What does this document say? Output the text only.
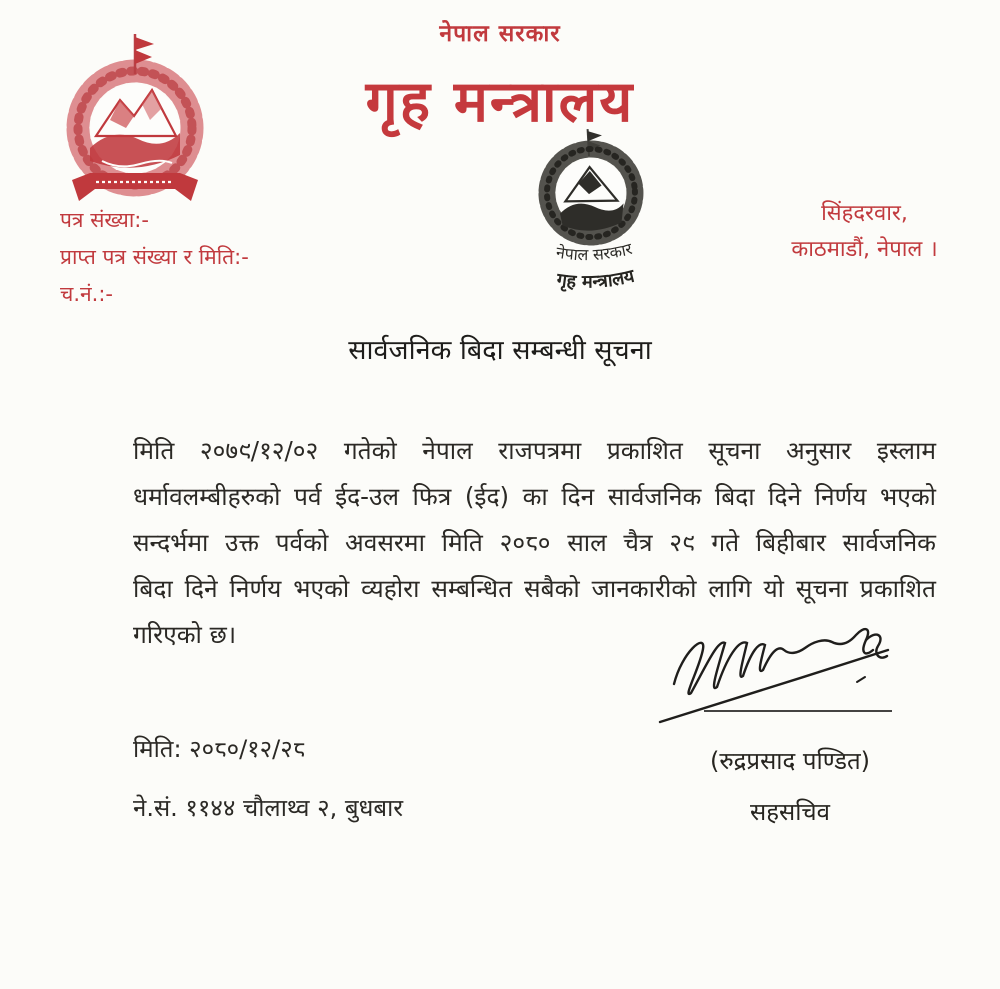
नेपाल सरकार
गृह मन्त्रालय
नेपाल सरकार
गृह मन्त्रालय
पत्र संख्या:-
प्राप्त पत्र संख्या र मिति:-
च.नं.:-
सिंहदरवार,
काठमाडौं, नेपाल ।
सार्वजनिक बिदा सम्बन्धी सूचना
मिति २०७९/१२/०२ गतेको नेपाल राजपत्रमा प्रकाशित सूचना अनुसार इस्लाम
धर्मावलम्बीहरुको पर्व ईद-उल फित्र (ईद) का दिन सार्वजनिक बिदा दिने निर्णय भएको
सन्दर्भमा उक्त पर्वको अवसरमा मिति २०८० साल चैत्र २९ गते बिहीबार सार्वजनिक
बिदा दिने निर्णय भएको व्यहोरा सम्बन्धित सबैको जानकारीको लागि यो सूचना प्रकाशित
गरिएको छ।
मिति: २०८०/१२/२८
ने.सं. ११४४ चौलाथ्व २, बुधबार
(रुद्रप्रसाद पण्डित)
सहसचिव
